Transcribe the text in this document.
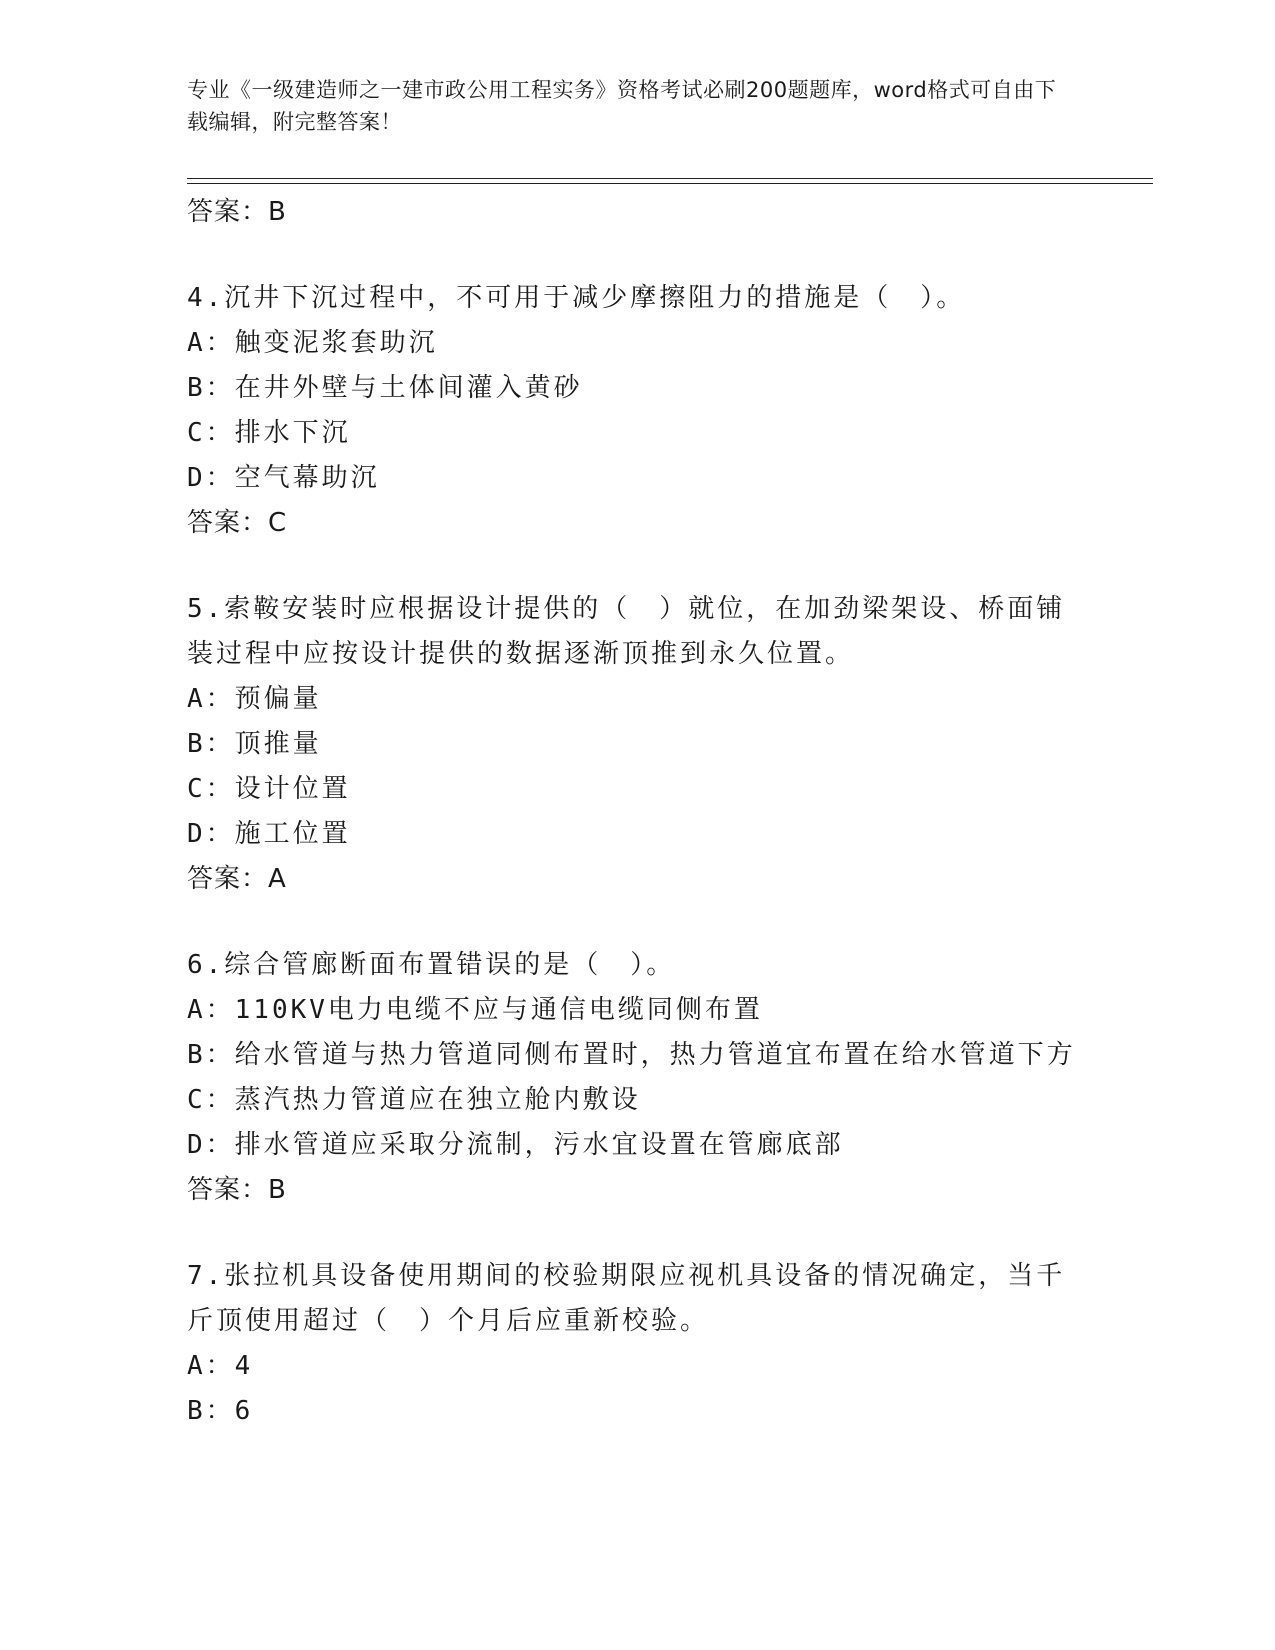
专业《一级建造师之一建市政公用工程实务》资格考试必刷200题题库，word格式可自由下载编辑，附完整答案！
答案：B

4.沉井下沉过程中，不可用于减少摩擦阻力的措施是（　）。

A：触变泥浆套助沉
B：在井外壁与土体间灌入黄砂
C：排水下沉
D：空气幕助沉
答案：C

5.索鞍安装时应根据设计提供的（　）就位，在加劲梁架设、桥面铺装过程中应按设计提供的数据逐渐顶推到永久位置。

A：预偏量
B：顶推量
C：设计位置
D：施工位置
答案：A

6.综合管廊断面布置错误的是（　）。

A：110KV电力电缆不应与通信电缆同侧布置
B：给水管道与热力管道同侧布置时，热力管道宜布置在给水管道下方
C：蒸汽热力管道应在独立舱内敷设
D：排水管道应采取分流制，污水宜设置在管廊底部
答案：B

7.张拉机具设备使用期间的校验期限应视机具设备的情况确定，当千斤顶使用超过（　）个月后应重新校验。

A：4
B：6
